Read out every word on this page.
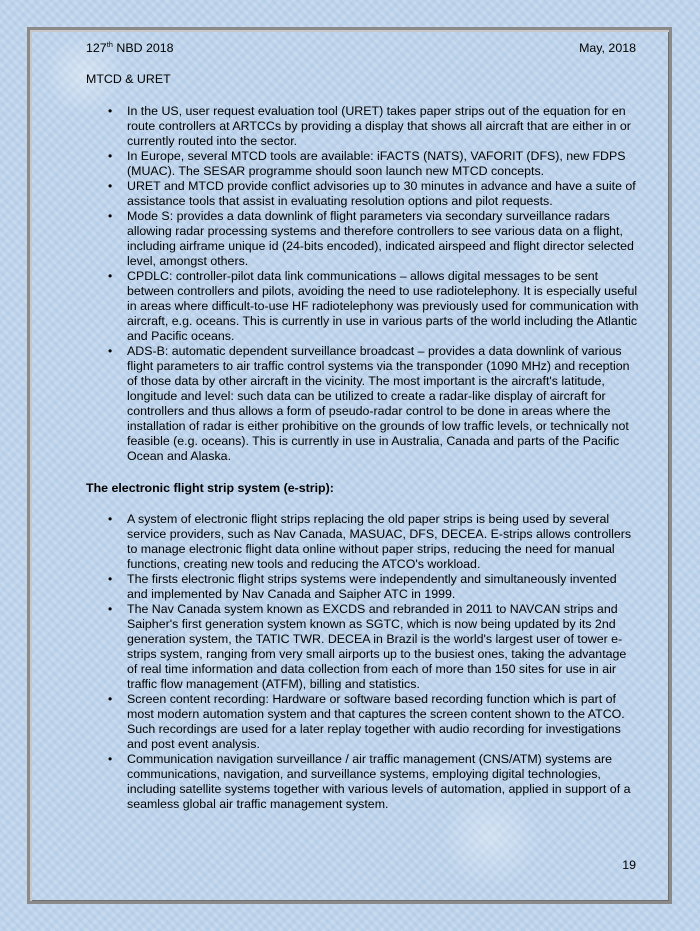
127th NBD 2018	May, 2018
MTCD & URET
• In the US, user request evaluation tool (URET) takes paper strips out of the equation for en route controllers at ARTCCs by providing a display that shows all aircraft that are either in or currently routed into the sector.
• In Europe, several MTCD tools are available: iFACTS (NATS), VAFORIT (DFS), new FDPS (MUAC). The SESAR programme should soon launch new MTCD concepts.
• URET and MTCD provide conflict advisories up to 30 minutes in advance and have a suite of assistance tools that assist in evaluating resolution options and pilot requests.
• Mode S: provides a data downlink of flight parameters via secondary surveillance radars allowing radar processing systems and therefore controllers to see various data on a flight, including airframe unique id (24-bits encoded), indicated airspeed and flight director selected level, amongst others.
• CPDLC: controller-pilot data link communications – allows digital messages to be sent between controllers and pilots, avoiding the need to use radiotelephony. It is especially useful in areas where difficult-to-use HF radiotelephony was previously used for communication with aircraft, e.g. oceans. This is currently in use in various parts of the world including the Atlantic and Pacific oceans.
• ADS-B: automatic dependent surveillance broadcast – provides a data downlink of various flight parameters to air traffic control systems via the transponder (1090 MHz) and reception of those data by other aircraft in the vicinity. The most important is the aircraft's latitude, longitude and level: such data can be utilized to create a radar-like display of aircraft for controllers and thus allows a form of pseudo-radar control to be done in areas where the installation of radar is either prohibitive on the grounds of low traffic levels, or technically not feasible (e.g. oceans). This is currently in use in Australia, Canada and parts of the Pacific Ocean and Alaska.
The electronic flight strip system (e-strip):
• A system of electronic flight strips replacing the old paper strips is being used by several service providers, such as Nav Canada, MASUAC, DFS, DECEA. E-strips allows controllers to manage electronic flight data online without paper strips, reducing the need for manual functions, creating new tools and reducing the ATCO's workload.
• The firsts electronic flight strips systems were independently and simultaneously invented and implemented by Nav Canada and Saipher ATC in 1999.
• The Nav Canada system known as EXCDS and rebranded in 2011 to NAVCAN strips and Saipher's first generation system known as SGTC, which is now being updated by its 2nd generation system, the TATIC TWR. DECEA in Brazil is the world's largest user of tower e-strips system, ranging from very small airports up to the busiest ones, taking the advantage of real time information and data collection from each of more than 150 sites for use in air traffic flow management (ATFM), billing and statistics.
• Screen content recording: Hardware or software based recording function which is part of most modern automation system and that captures the screen content shown to the ATCO. Such recordings are used for a later replay together with audio recording for investigations and post event analysis.
• Communication navigation surveillance / air traffic management (CNS/ATM) systems are communications, navigation, and surveillance systems, employing digital technologies, including satellite systems together with various levels of automation, applied in support of a seamless global air traffic management system.
19
